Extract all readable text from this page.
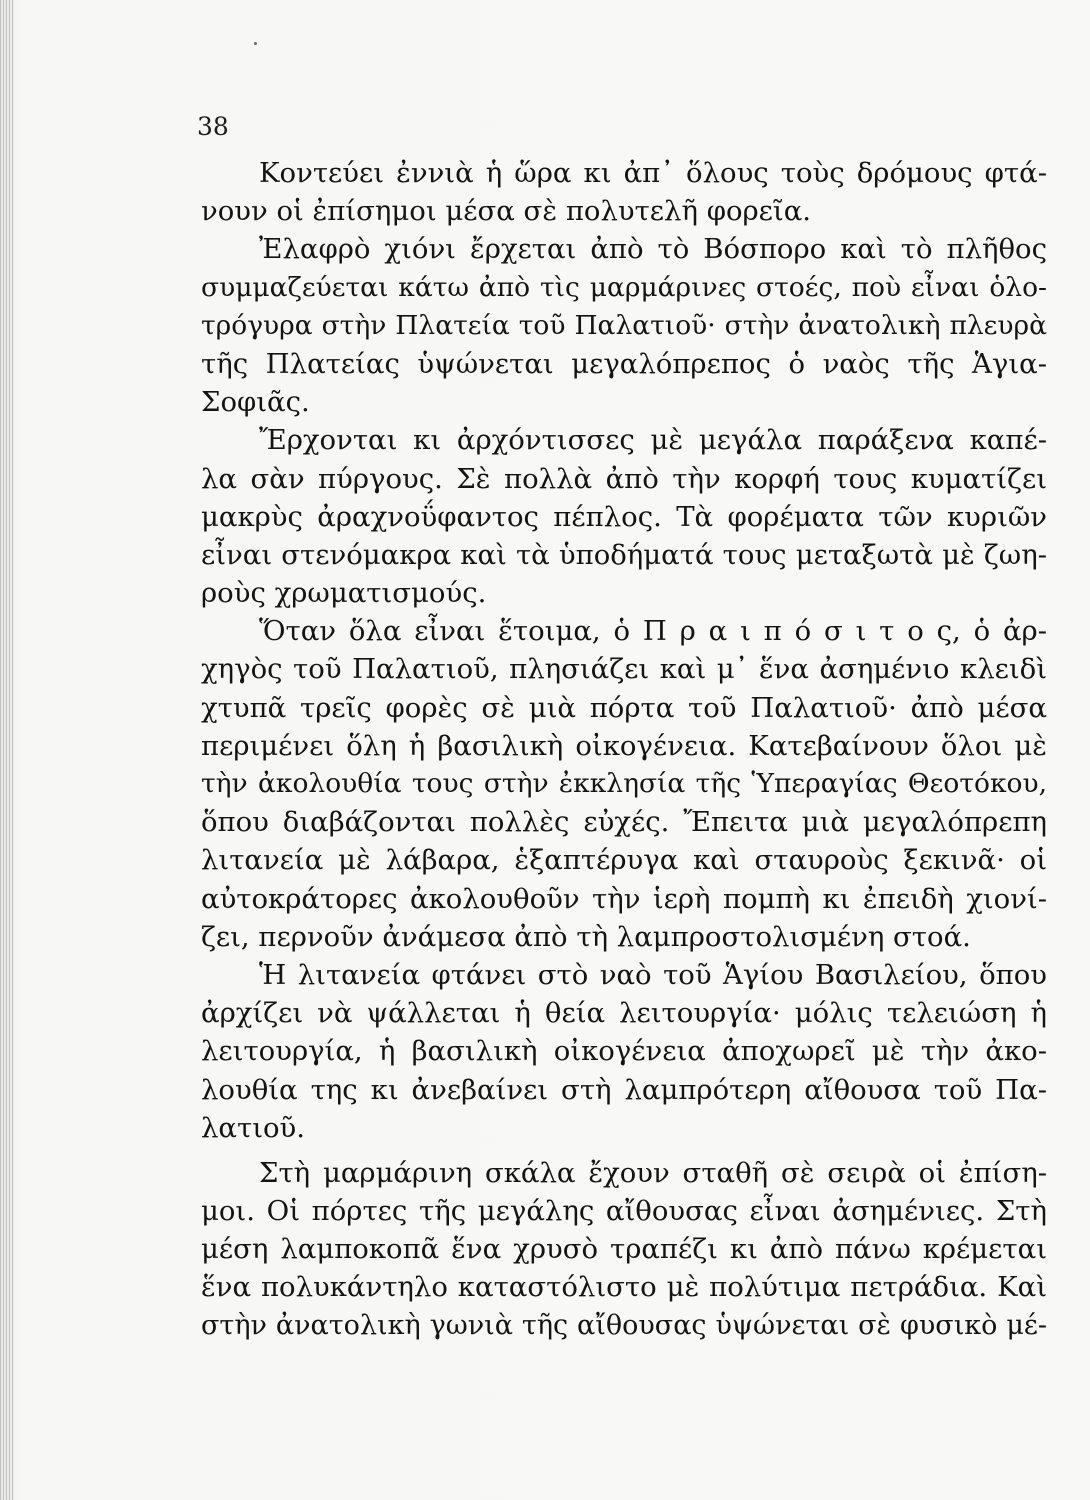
38
Κοντεύει ἐννιὰ ἡ ὥρα κι ἀπ᾽ ὅλους τοὺς δρόμους φτά-
νουν οἱ ἐπίσημοι μέσα σὲ πολυτελῆ φορεῖα.
Ἐλαφρὸ χιόνι ἔρχεται ἀπὸ τὸ Βόσπορο καὶ τὸ πλῆθος
συμμαζεύεται κάτω ἀπὸ τὶς μαρμάρινες στοές, ποὺ εἶναι ὁλο-
τρόγυρα στὴν Πλατεία τοῦ Παλατιοῦ· στὴν ἀνατολικὴ πλευρὰ
τῆς Πλατείας ὑψώνεται μεγαλόπρεπος ὁ ναὸς τῆς Ἁγια-
Σοφιᾶς.
Ἔρχονται κι ἀρχόντισσες μὲ μεγάλα παράξενα καπέ-
λα σὰν πύργους. Σὲ πολλὰ ἀπὸ τὴν κορφή τους κυματίζει
μακρὺς ἀραχνοΰφαντος πέπλος. Τὰ φορέματα τῶν κυριῶν
εἶναι στενόμακρα καὶ τὰ ὑποδήματά τους μεταξωτὰ μὲ ζωη-
ροὺς χρωματισμούς.
Ὅταν ὅλα εἶναι ἕτοιμα, ὁ Π ρ α ι π ό σ ι τ ο ς, ὁ ἀρ-
χηγὸς τοῦ Παλατιοῦ, πλησιάζει καὶ μ᾽ ἕνα ἀσημένιο κλειδὶ
χτυπᾶ τρεῖς φορὲς σὲ μιὰ πόρτα τοῦ Παλατιοῦ· ἀπὸ μέσα
περιμένει ὅλη ἡ βασιλικὴ οἰκογένεια. Κατεβαίνουν ὅλοι μὲ
τὴν ἀκολουθία τους στὴν ἐκκλησία τῆς Ὑπεραγίας Θεοτόκου,
ὅπου διαβάζονται πολλὲς εὐχές. Ἔπειτα μιὰ μεγαλόπρεπη
λιτανεία μὲ λάβαρα, ἑξαπτέρυγα καὶ σταυροὺς ξεκινᾶ· οἱ
αὐτοκράτορες ἀκολουθοῦν τὴν ἱερὴ πομπὴ κι ἐπειδὴ χιονί-
ζει, περνοῦν ἀνάμεσα ἀπὸ τὴ λαμπροστολισμένη στοά.
Ἡ λιτανεία φτάνει στὸ ναὸ τοῦ Ἁγίου Βασιλείου, ὅπου
ἀρχίζει νὰ ψάλλεται ἡ θεία λειτουργία· μόλις τελειώση ἡ
λειτουργία, ἡ βασιλικὴ οἰκογένεια ἀποχωρεῖ μὲ τὴν ἀκο-
λουθία της κι ἀνεβαίνει στὴ λαμπρότερη αἴθουσα τοῦ Πα-
λατιοῦ.
Στὴ μαρμάρινη σκάλα ἔχουν σταθῆ σὲ σειρὰ οἱ ἐπίση-
μοι. Οἱ πόρτες τῆς μεγάλης αἴθουσας εἶναι ἀσημένιες. Στὴ
μέση λαμποκοπᾶ ἕνα χρυσὸ τραπέζι κι ἀπὸ πάνω κρέμεται
ἕνα πολυκάντηλο καταστόλιστο μὲ πολύτιμα πετράδια. Καὶ
στὴν ἀνατολικὴ γωνιὰ τῆς αἴθουσας ὑψώνεται σὲ φυσικὸ μέ-
